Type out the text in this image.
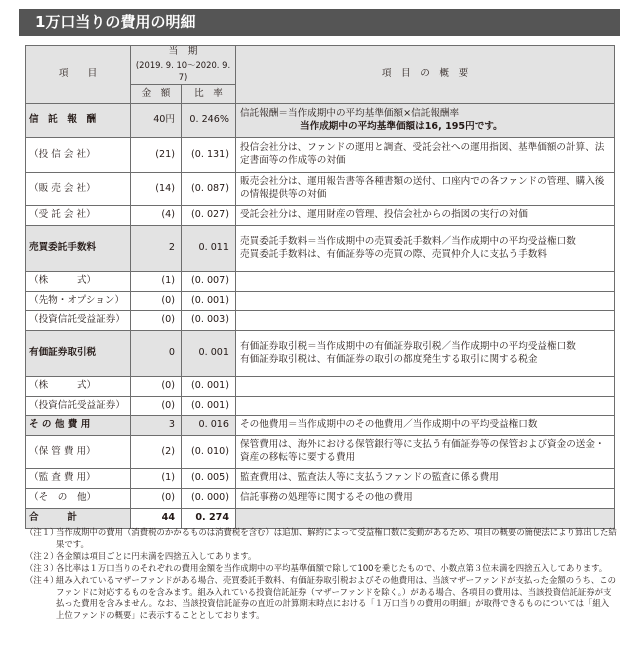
1万口当りの費用の明細
項　　目	当　期
(2019. 9. 10～2020. 9. 7)		項　目　の　概　要
	金　額	比　率	
信　託　報　酬	40円	0. 246%	信託報酬＝当作成期中の平均基準価額×信託報酬率
当作成期中の平均基準価額は16, 195円です。

（投 信 会 社）	(21)	(0. 131)	投信会社分は、ファンドの運用と調査、受託会社への運用指図、基準価額の計算、法定書面等の作成等の対価
（販 売 会 社）	(14)	(0. 087)	販売会社分は、運用報告書等各種書類の送付、口座内での各ファンドの管理、購入後の情報提供等の対価
（受 託 会 社）	(4)	(0. 027)	受託会社分は、運用財産の管理、投信会社からの指図の実行の対価
売買委託手数料	2	0. 011	売買委託手数料＝当作成期中の売買委託手数料／当作成期中の平均受益権口数
売買委託手数料は、有価証券等の売買の際、売買仲介人に支払う手数料

（株　　　式）	(1)	(0. 007)	
（先物・オプション）	(0)	(0. 001)	
（投資信託受益証券）	(0)	(0. 003)	
有価証券取引税	0	0. 001	有価証券取引税＝当作成期中の有価証券取引税／当作成期中の平均受益権口数
有価証券取引税は、有価証券の取引の都度発生する取引に関する税金

（株　　　式）	(0)	(0. 001)	
（投資信託受益証券）	(0)	(0. 001)	
そ の 他 費 用	3	0. 016	その他費用＝当作成期中のその他費用／当作成期中の平均受益権口数
（保 管 費 用）	(2)	(0. 010)	保管費用は、海外における保管銀行等に支払う有価証券等の保管および資金の送金・資産の移転等に要する費用
（監 査 費 用）	(1)	(0. 005)	監査費用は、監査法人等に支払うファンドの監査に係る費用
（そ　の　他）	(0)	(0. 000)	信託事務の処理等に関するその他の費用
合　　　計	44	0. 274	
（注１）
当作成期中の費用（消費税のかかるものは消費税を含む）は追加、解約によって受益権口数に変動があるため、項目の概要の簡便法により算出した結果です。
（注２）
各金額は項目ごとに円未満を四捨五入してあります。
（注３）
各比率は１万口当りのそれぞれの費用金額を当作成期中の平均基準価額で除して100を乗じたもので、小数点第３位未満を四捨五入してあります。
（注４）
組み入れているマザーファンドがある場合、売買委託手数料、有価証券取引税およびその他費用は、当該マザーファンドが支払った金額のうち、このファンドに対応するものを含みます。組み入れている投資信託証券（マザーファンドを除く。）がある場合、各項目の費用は、当該投資信託証券が支払った費用を含みません。なお、当該投資信託証券の直近の計算期末時点における「１万口当りの費用の明細」が取得できるものについては「組入上位ファンドの概要」に表示することとしております。
